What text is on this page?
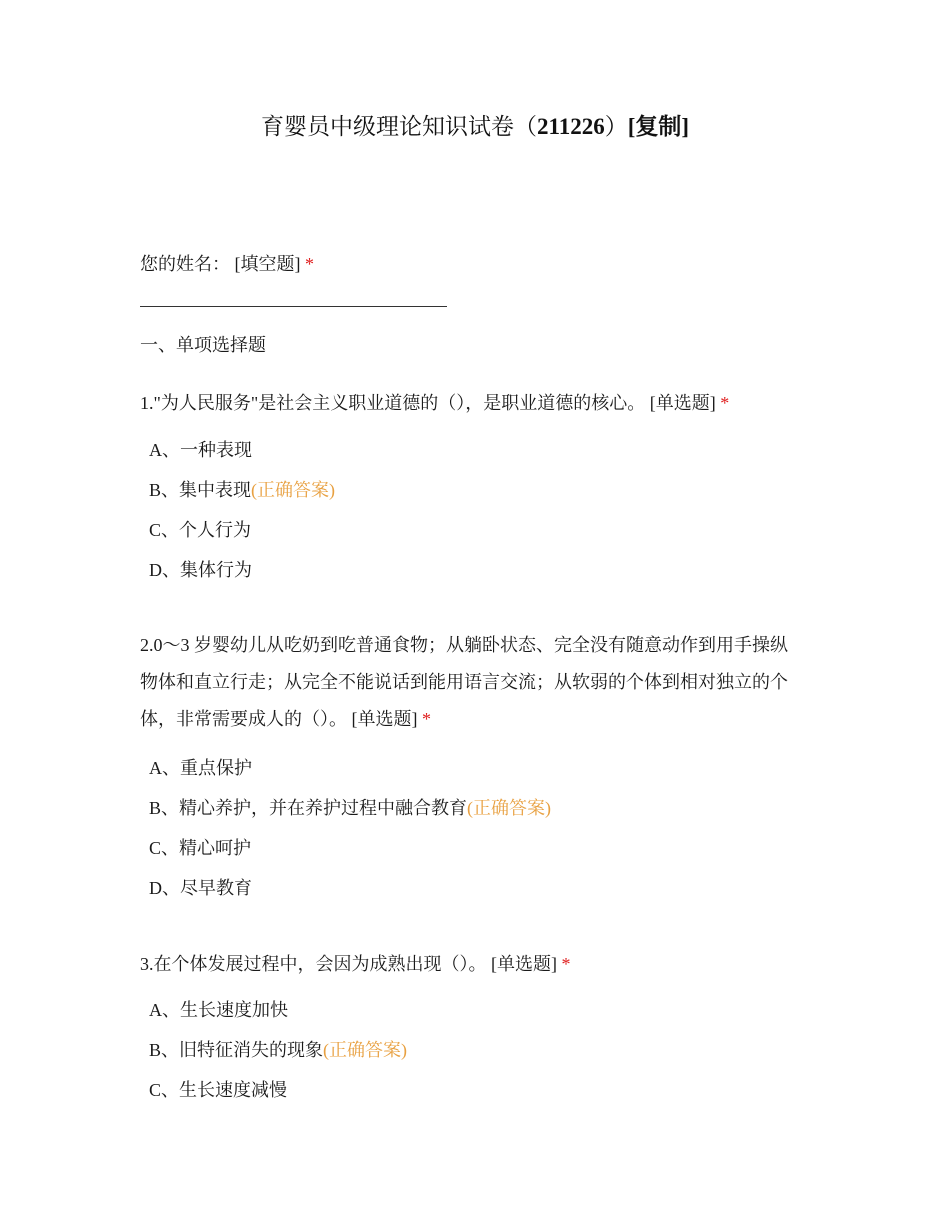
育婴员中级理论知识试卷（211226）[复制]
您的姓名： [填空题] *
一、单项选择题
1."为人民服务"是社会主义职业道德的（），是职业道德的核心。 [单选题] *
A、一种表现
B、集中表现(正确答案)
C、个人行为
D、集体行为
2.0～3 岁婴幼儿从吃奶到吃普通食物；从躺卧状态、完全没有随意动作到用手操纵
物体和直立行走；从完全不能说话到能用语言交流；从软弱的个体到相对独立的个
体，非常需要成人的（）。 [单选题] *
A、重点保护
B、精心养护，并在养护过程中融合教育(正确答案)
C、精心呵护
D、尽早教育
3.在个体发展过程中，会因为成熟出现（）。 [单选题] *
A、生长速度加快
B、旧特征消失的现象(正确答案)
C、生长速度减慢
